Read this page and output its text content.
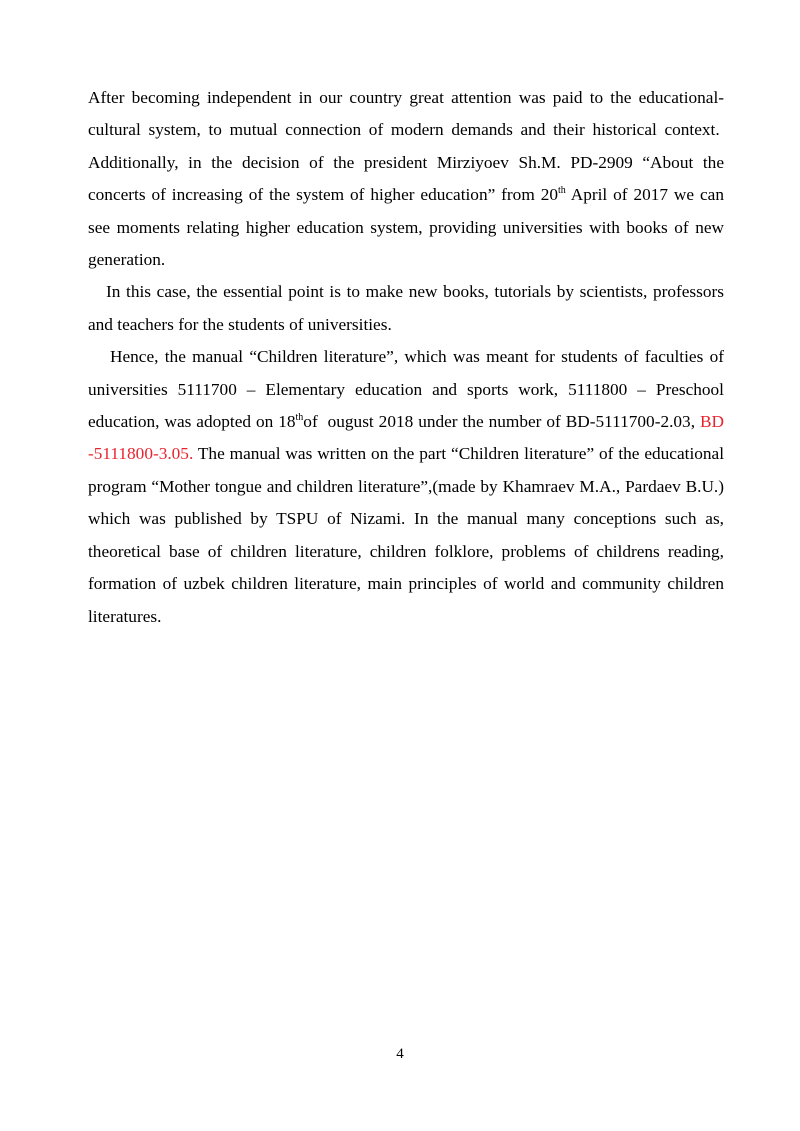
After becoming independent in our country great attention was paid to the educational-cultural system, to mutual connection of modern demands and their historical context.  Additionally, in the decision of the president Mirziyoev Sh.M. PD-2909 “About the concerts of increasing of the system of higher education” from 20th April of 2017 we can see moments relating higher education system, providing universities with books of new generation.

In this case, the essential point is to make new books, tutorials by scientists, professors and teachers for the students of universities.

Hence, the manual “Children literature”, which was meant for students of faculties of universities 5111700 – Elementary education and sports work, 5111800 – Preschool education, was adopted on 18thof  ougust 2018 under the number of BD-5111700-2.03, BD -5111800-3.05. The manual was written on the part “Children literature” of the educational program “Mother tongue and children literature”,(made by Khamraev M.A., Pardaev B.U.) which was published by TSPU of Nizami. In the manual many conceptions such as, theoretical base of children literature, children folklore, problems of childrens reading, formation of uzbek children literature, main principles of world and community children literatures.

4
